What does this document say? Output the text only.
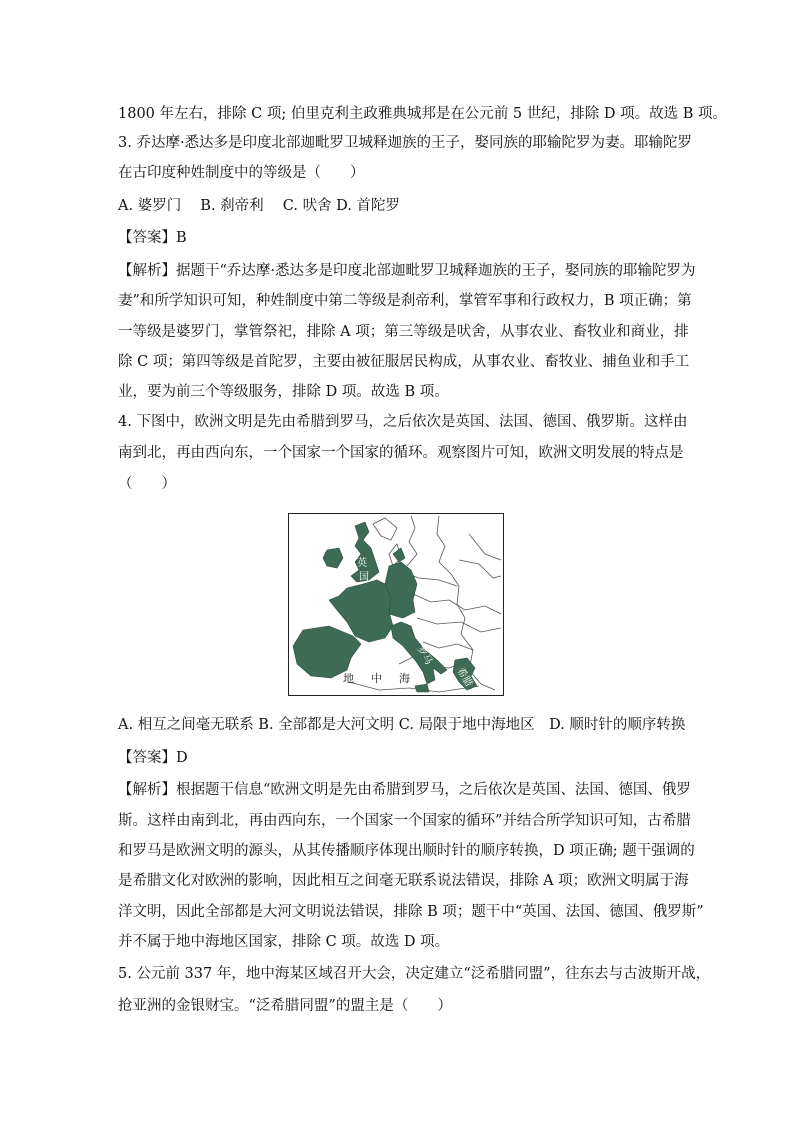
1800 年左右，排除 C 项; 伯里克利主政雅典城邦是在公元前 5 世纪，排除 D 项。故选 B 项。
3. 乔达摩·悉达多是印度北部迦毗罗卫城释迦族的王子，娶同族的耶输陀罗为妻。耶输陀罗
在古印度种姓制度中的等级是（　　）
A. 婆罗门　 B. 刹帝利　 C. 吠舍 D. 首陀罗
【答案】B
【解析】据题干“乔达摩·悉达多是印度北部迦毗罗卫城释迦族的王子，娶同族的耶输陀罗为
妻”和所学知识可知，种姓制度中第二等级是刹帝利，掌管军事和行政权力，B 项正确；第
一等级是婆罗门，掌管祭祀，排除 A 项；第三等级是吠舍，从事农业、畜牧业和商业，排
除 C 项；第四等级是首陀罗，主要由被征服居民构成，从事农业、畜牧业、捕鱼业和手工
业，要为前三个等级服务，排除 D 项。故选 B 项。
4. 下图中，欧洲文明是先由希腊到罗马，之后依次是英国、法国、德国、俄罗斯。这样由
南到北，再由西向东，一个国家一个国家的循环。观察图片可知，欧洲文明发展的特点是
（　　）
英
国
地 中 海
罗马
希腊
A. 相互之间毫无联系 B. 全部都是大河文明 C. 局限于地中海地区　D. 顺时针的顺序转换
【答案】D
【解析】根据题干信息“欧洲文明是先由希腊到罗马，之后依次是英国、法国、德国、俄罗
斯。这样由南到北，再由西向东，一个国家一个国家的循环”并结合所学知识可知，古希腊
和罗马是欧洲文明的源头，从其传播顺序体现出顺时针的顺序转换，D 项正确; 题干强调的
是希腊文化对欧洲的影响，因此相互之间毫无联系说法错误，排除 A 项；欧洲文明属于海
洋文明，因此全部都是大河文明说法错误，排除 B 项；题干中“英国、法国、德国、俄罗斯”
并不属于地中海地区国家，排除 C 项。故选 D 项。
5. 公元前 337 年，地中海某区域召开大会，决定建立“泛希腊同盟”，往东去与古波斯开战，
抢亚洲的金银财宝。“泛希腊同盟”的盟主是（　　）
